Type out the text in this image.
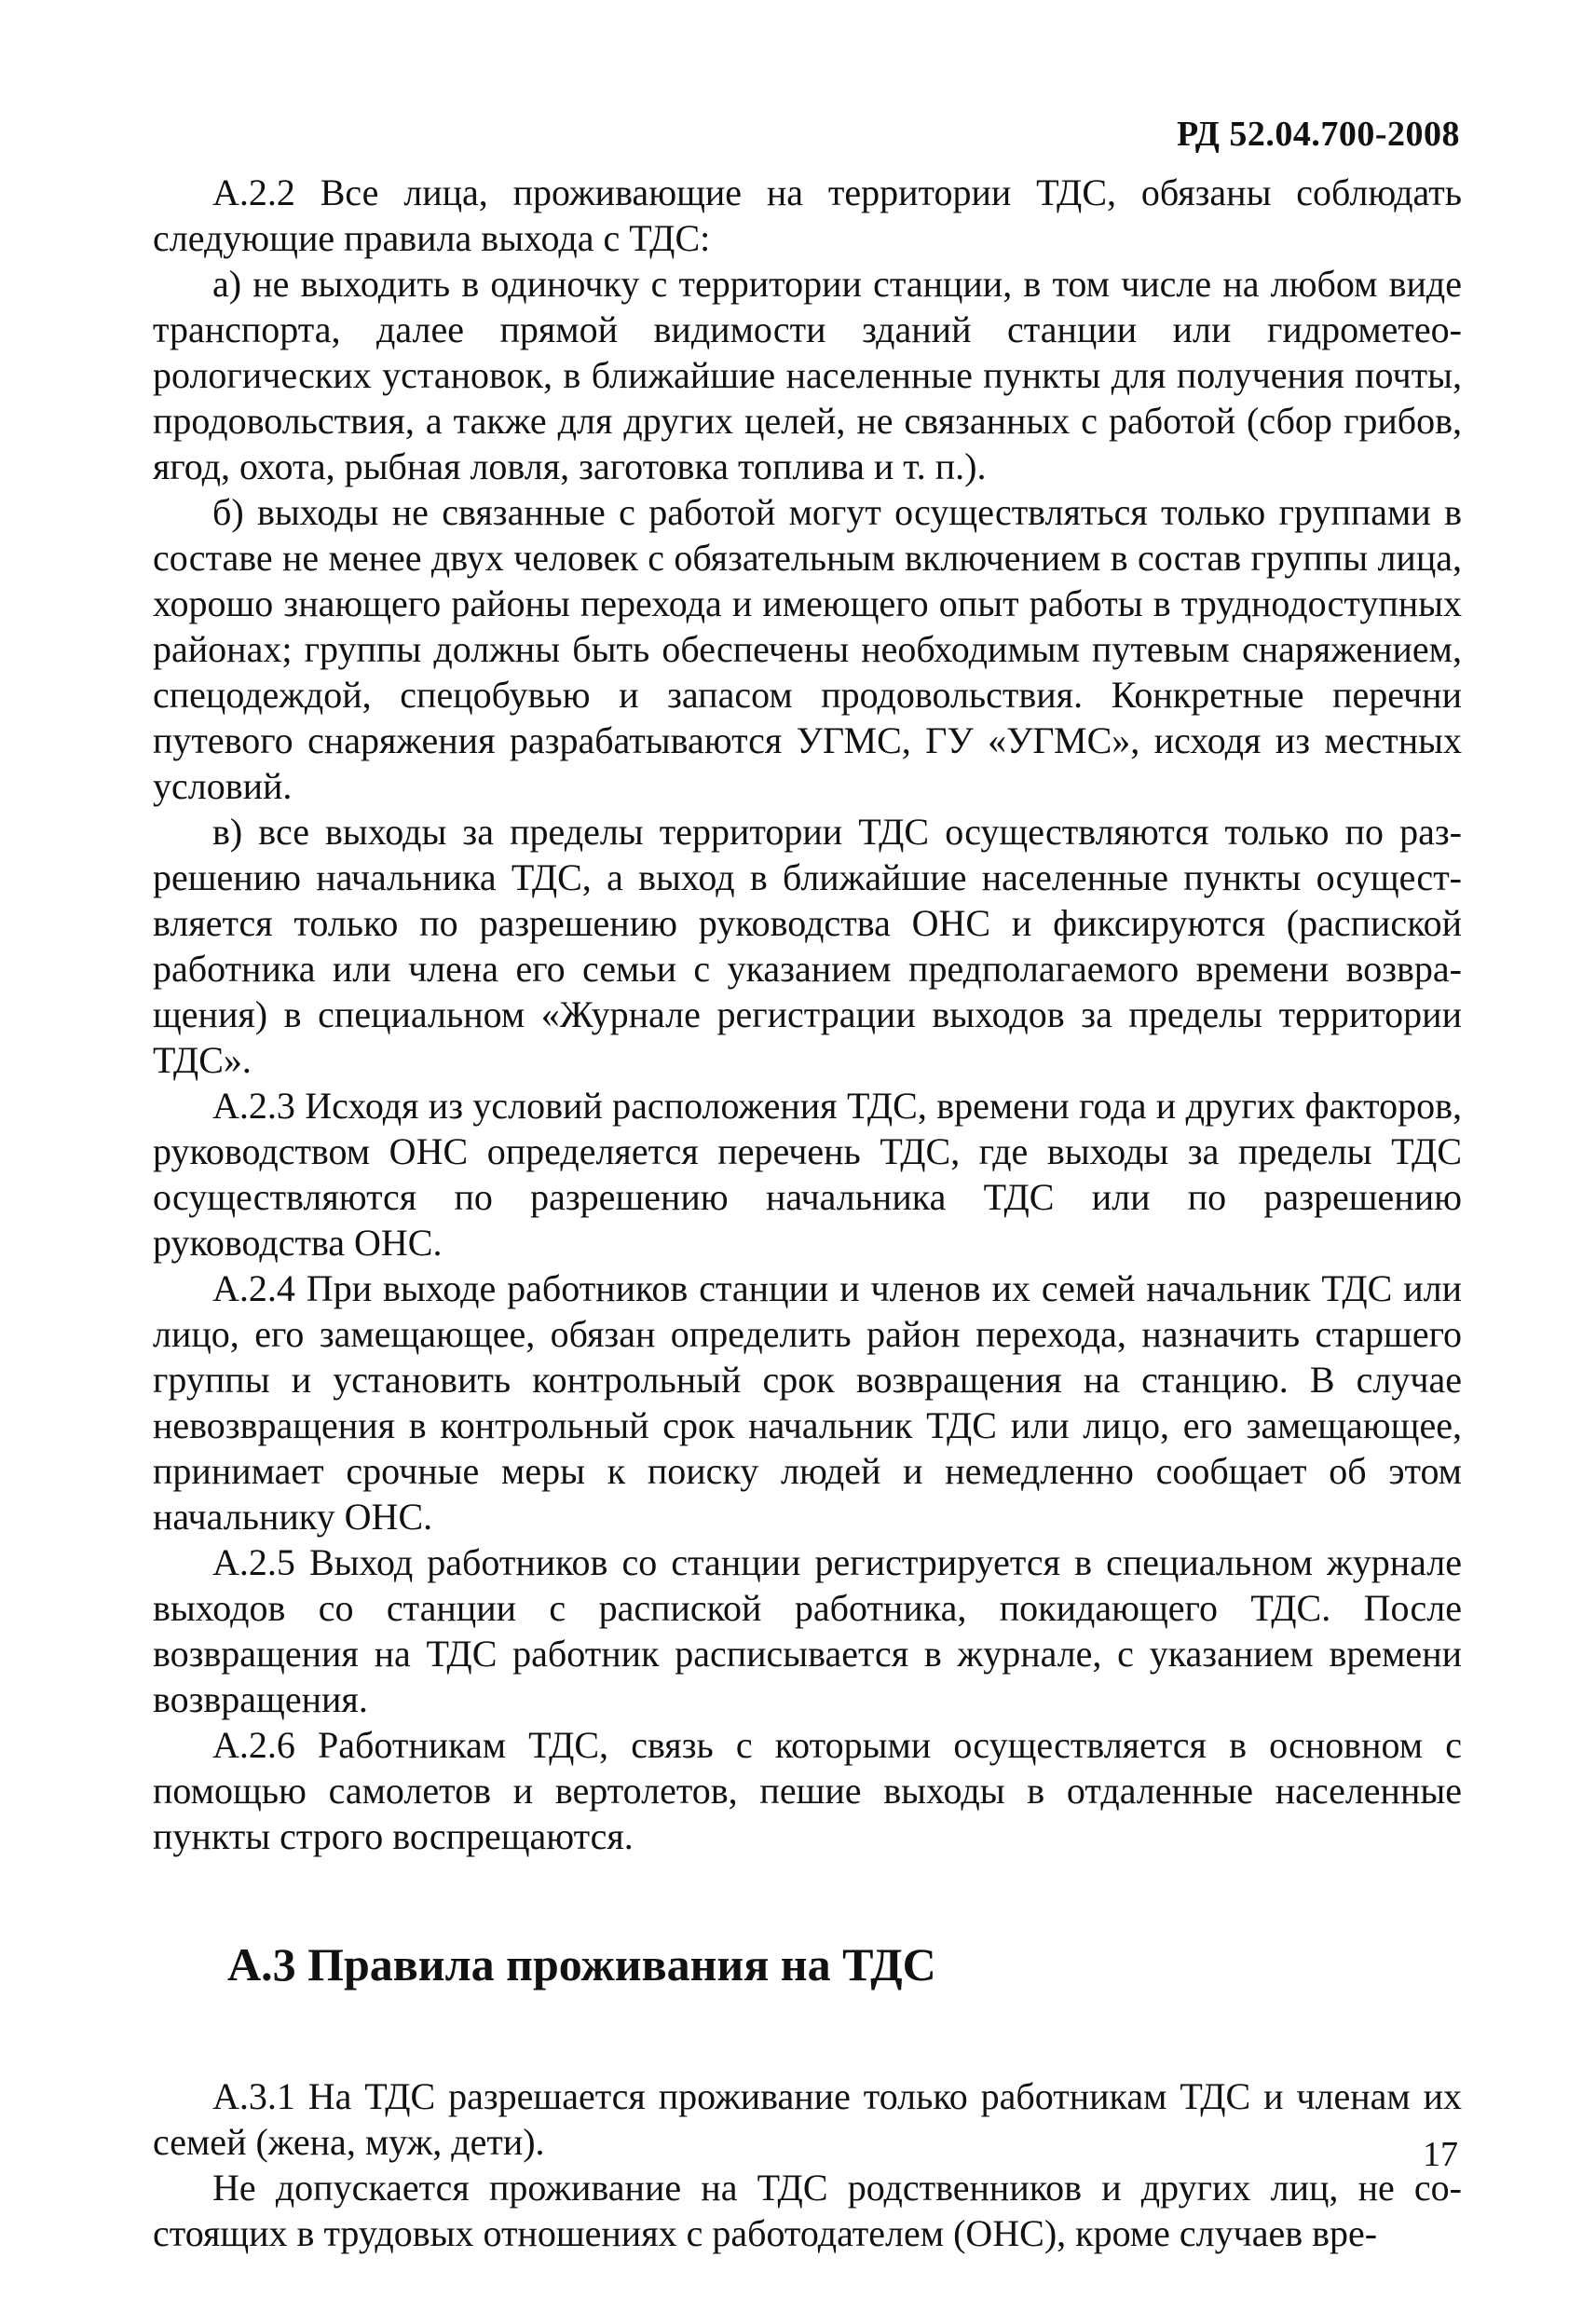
РД 52.04.700-2008

А.2.2 Все лица, проживающие на территории ТДС, обязаны соблюдать следующие правила выхода с ТДС:

а) не выходить в одиночку с территории станции, в том числе на любом виде транспорта, далее прямой видимости зданий станции или гидрометеорологических установок, в ближайшие населенные пункты для получения почты, продовольствия, а также для других целей, не связанных с работой (сбор грибов, ягод, охота, рыбная ловля, заготовка топлива и т. п.).

б) выходы не связанные с работой могут осуществляться только группами в составе не менее двух человек с обязательным включением в состав группы лица, хорошо знающего районы перехода и имеющего опыт работы в труднодоступных районах; группы должны быть обеспечены необходимым путевым снаряжением, спецодеждой, спецобувью и запасом продовольствия. Конкретные перечни путевого снаряжения разрабатываются УГМС, ГУ «УГМС», исходя из местных условий.

в) все выходы за пределы территории ТДС осуществляются только по разрешению начальника ТДС, а выход в ближайшие населенные пункты осуществляется только по разрешению руководства ОНС и фиксируются (распиской работника или члена его семьи с указанием предполагаемого времени возвращения) в специальном «Журнале регистрации выходов за пределы территории ТДС».

А.2.3 Исходя из условий расположения ТДС, времени года и других факторов, руководством ОНС определяется перечень ТДС, где выходы за пределы ТДС осуществляются по разрешению начальника ТДС или по разрешению руководства ОНС.

А.2.4 При выходе работников станции и членов их семей начальник ТДС или лицо, его замещающее, обязан определить район перехода, назначить старшего группы и установить контрольный срок возвращения на станцию. В случае невозвращения в контрольный срок начальник ТДС или лицо, его замещающее, принимает срочные меры к поиску людей и немедленно сообщает об этом начальнику ОНС.

А.2.5 Выход работников со станции регистрируется в специальном журнале выходов со станции с распиской работника, покидающего ТДС. После возвращения на ТДС работник расписывается в журнале, с указанием времени возвращения.

А.2.6 Работникам ТДС, связь с которыми осуществляется в основном с помощью самолетов и вертолетов, пешие выходы в отдаленные населенные пункты строго воспрещаются.

А.3 Правила проживания на ТДС

А.3.1 На ТДС разрешается проживание только работникам ТДС и членам их семей (жена, муж, дети).

Не допускается проживание на ТДС родственников и других лиц, не состоящих в трудовых отношениях с работодателем (ОНС), кроме случаев вре-

17
